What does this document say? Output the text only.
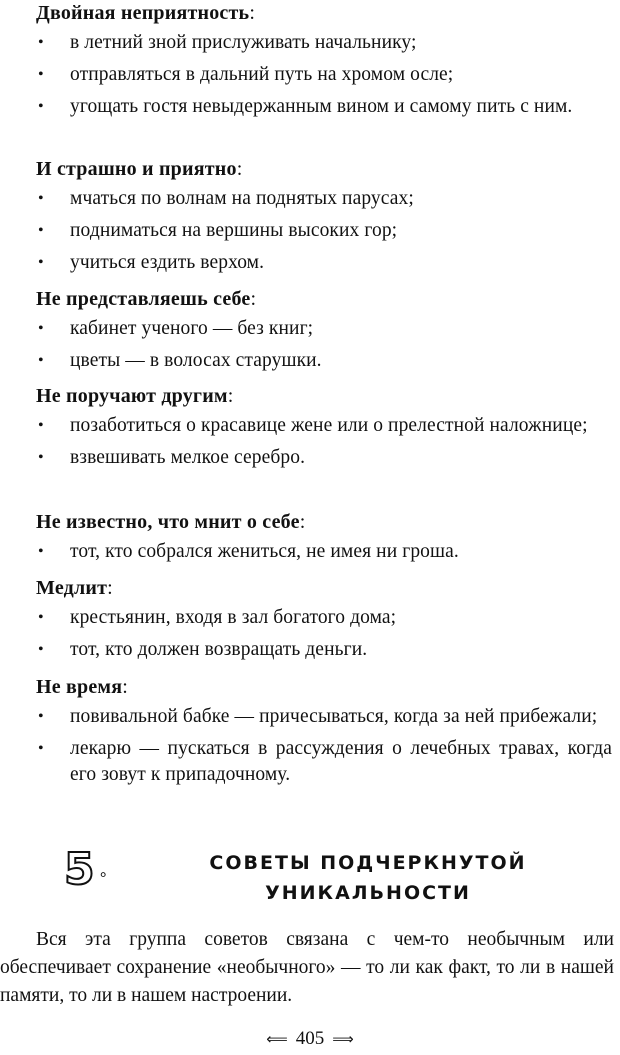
Двойная неприятность:
• в летний зной прислуживать начальнику;
• отправляться в дальний путь на хромом осле;
• угощать гостя невыдержанным вином и самому пить с ним.
И страшно и приятно:
• мчаться по волнам на поднятых парусах;
• подниматься на вершины высоких гор;
• учиться ездить верхом.
Не представляешь себе:
• кабинет ученого — без книг;
• цветы — в волосах старушки.
Не поручают другим:
• позаботиться о красавице жене или о прелестной наложнице;
• взвешивать мелкое серебро.
Не известно, что мнит о себе:
• тот, кто собрался жениться, не имея ни гроша.
Медлит:
• крестьянин, входя в зал богатого дома;
• тот, кто должен возвращать деньги.
Не время:
• повивальной бабке — причесываться, когда за ней прибежали;
• лекарю — пускаться в рассуждения о лечебных травах, когда его зовут к припадочному.
5 °
СОВЕТЫ ПОДЧЕРКНУТОЙ
УНИКАЛЬНОСТИ

Вся эта группа советов связана с чем-то необычным или обеспечивает сохранение «необычного» — то ли как факт, то ли в нашей памяти, то ли в нашем настроении.

⟸ 405 ⟹
